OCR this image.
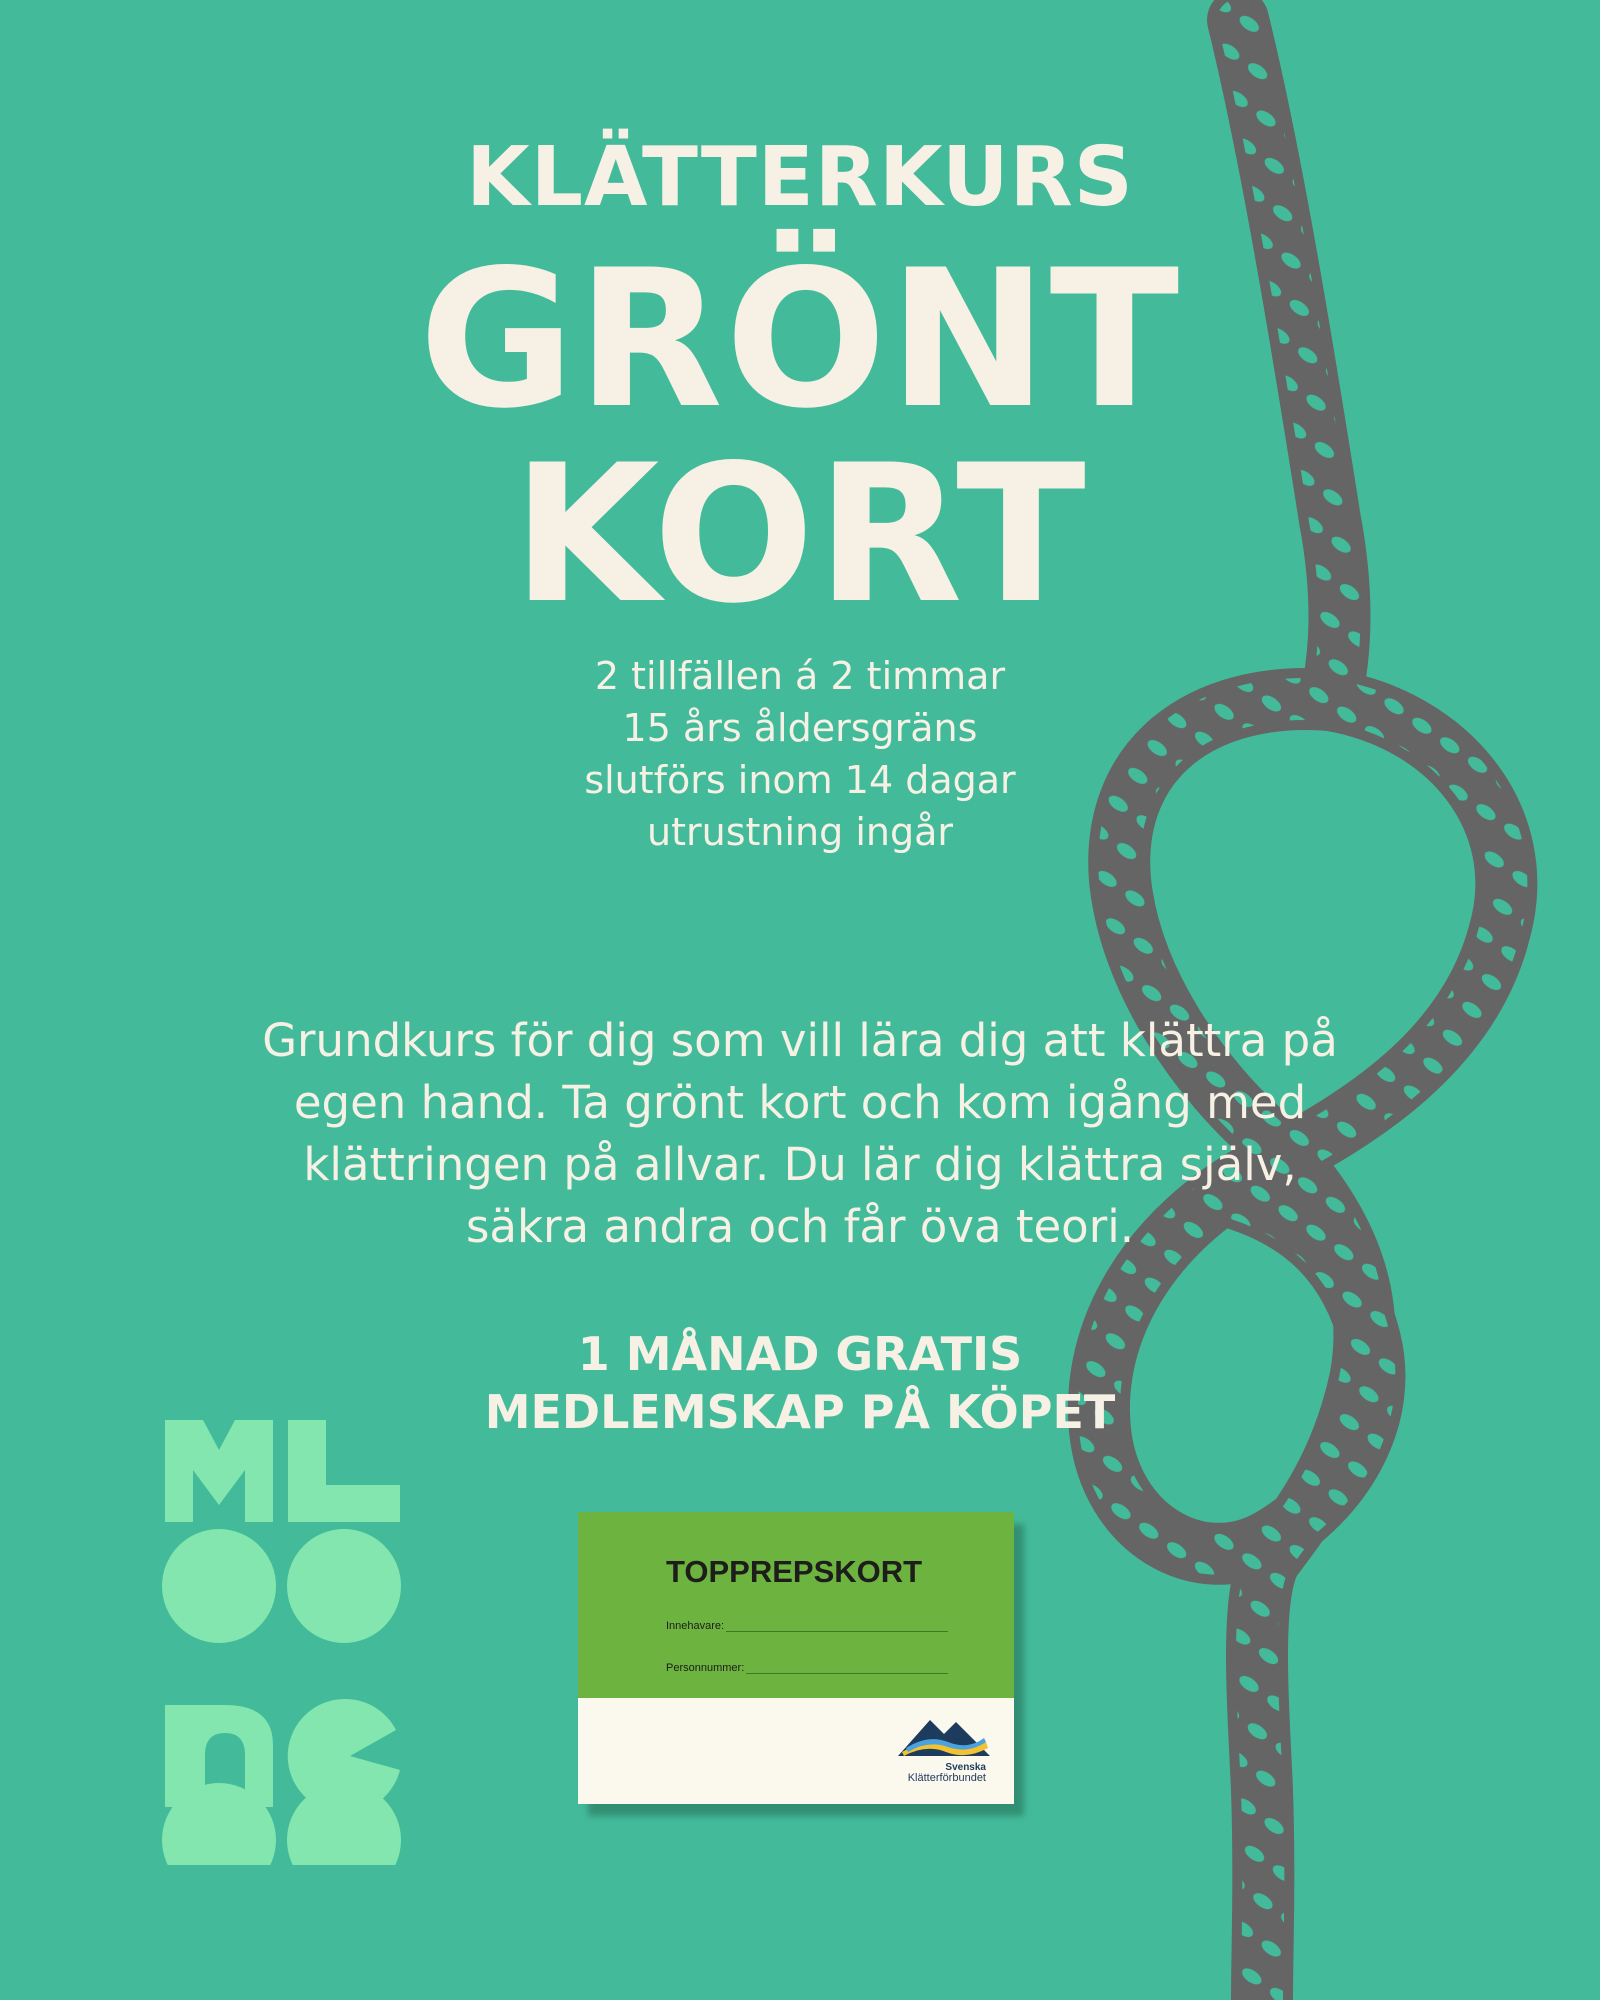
KLÄTTERKURS
GRÖNT
KORT
2 tillfällen á 2 timmar
15 års åldersgräns
slutförs inom 14 dagar
utrustning ingår

Grundkurs för dig som vill lära dig att klättra på egen hand. Ta grönt kort och kom igång med klättringen på allvar. Du lär dig klättra själv, säkra andra och får öva teori.

1 MÅNAD GRATIS
MEDLEMSKAP PÅ KÖPET
TOPPREPSKORT
Innehavare:
Personnummer:
Svenska
Klätterförbundet
